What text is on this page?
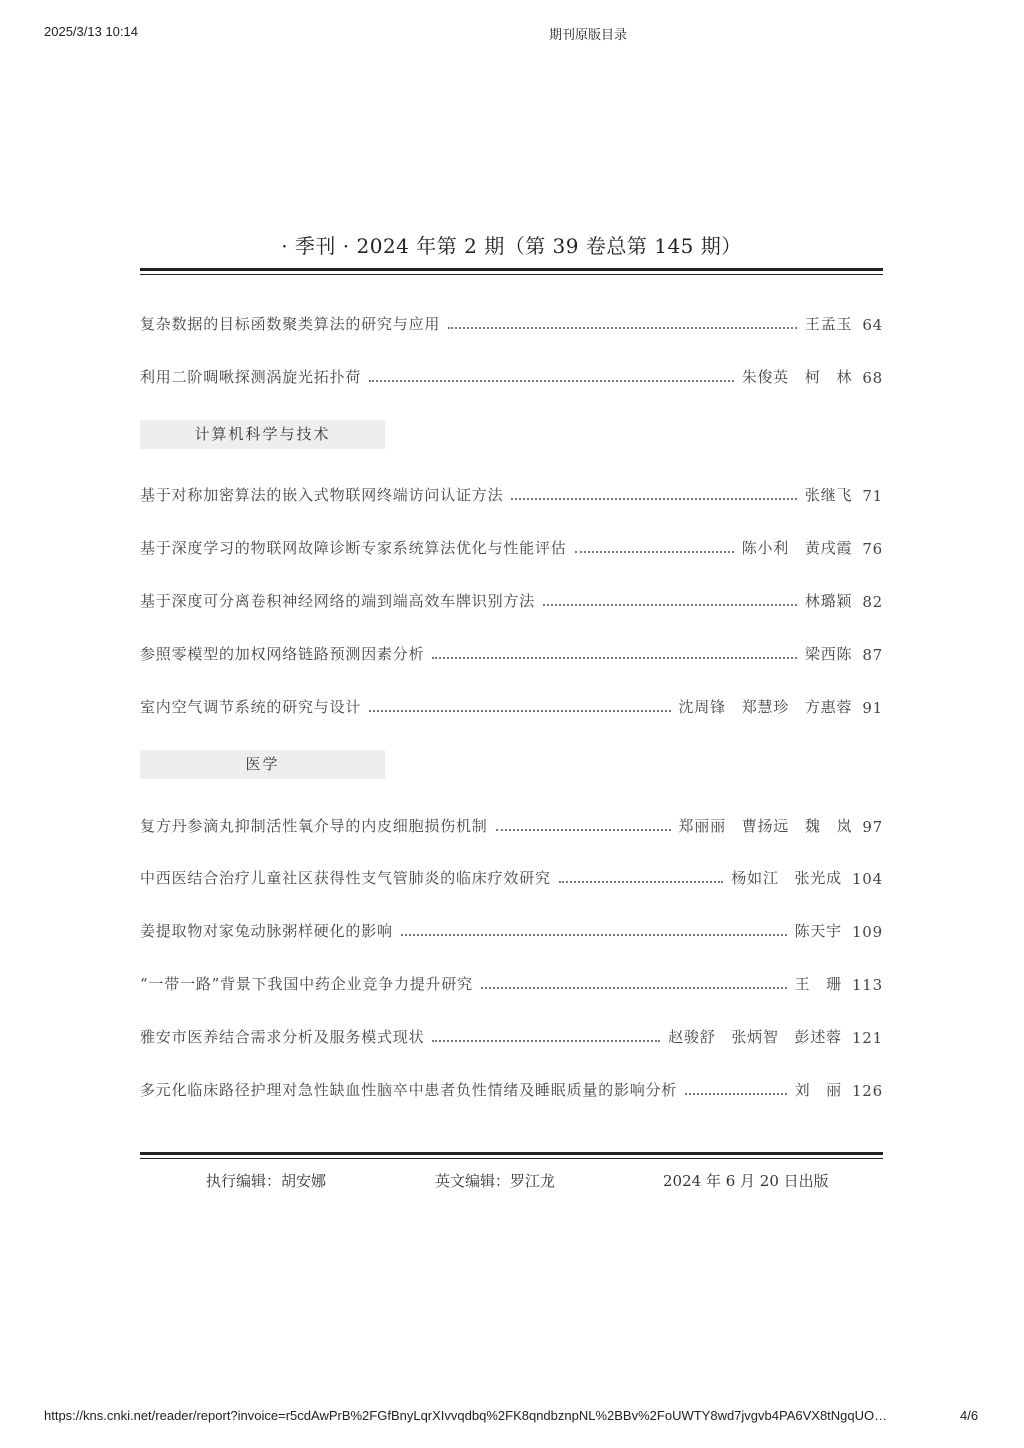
2025/3/13 10:14	期刊原版目录
· 季刊 · 2024 年第 2 期（第 39 卷总第 145 期）
复杂数据的目标函数聚类算法的研究与应用	王孟玉 64
利用二阶啁啾探测涡旋光拓扑荷	朱俊英　柯　林 68
计算机科学与技术
基于对称加密算法的嵌入式物联网终端访问认证方法	张继飞 71
基于深度学习的物联网故障诊断专家系统算法优化与性能评估	陈小利　黄戌霞 76
基于深度可分离卷积神经网络的端到端高效车牌识别方法	林璐颖 82
参照零模型的加权网络链路预测因素分析	梁西陈 87
室内空气调节系统的研究与设计	沈周锋　郑慧珍　方惠蓉 91
医学
复方丹参滴丸抑制活性氧介导的内皮细胞损伤机制	郑丽丽　曹扬远　魏　岚 97
中西医结合治疗儿童社区获得性支气管肺炎的临床疗效研究	杨如江　张光成 104
姜提取物对家兔动脉粥样硬化的影响	陈天宇 109
“一带一路”背景下我国中药企业竞争力提升研究	王　珊 113
雅安市医养结合需求分析及服务模式现状	赵骏舒　张炳智　彭述蓉 121
多元化临床路径护理对急性缺血性脑卒中患者负性情绪及睡眠质量的影响分析	刘　丽 126
执行编辑：胡安娜	英文编辑：罗江龙	2024 年 6 月 20 日出版
https://kns.cnki.net/reader/report?invoice=r5cdAwPrB%2FGfBnyLqrXIvvqdbq%2FK8qndbznpNL%2BBv%2FoUWTY8wd7jvgvb4PA6VX8tNgqUO…	4/6
